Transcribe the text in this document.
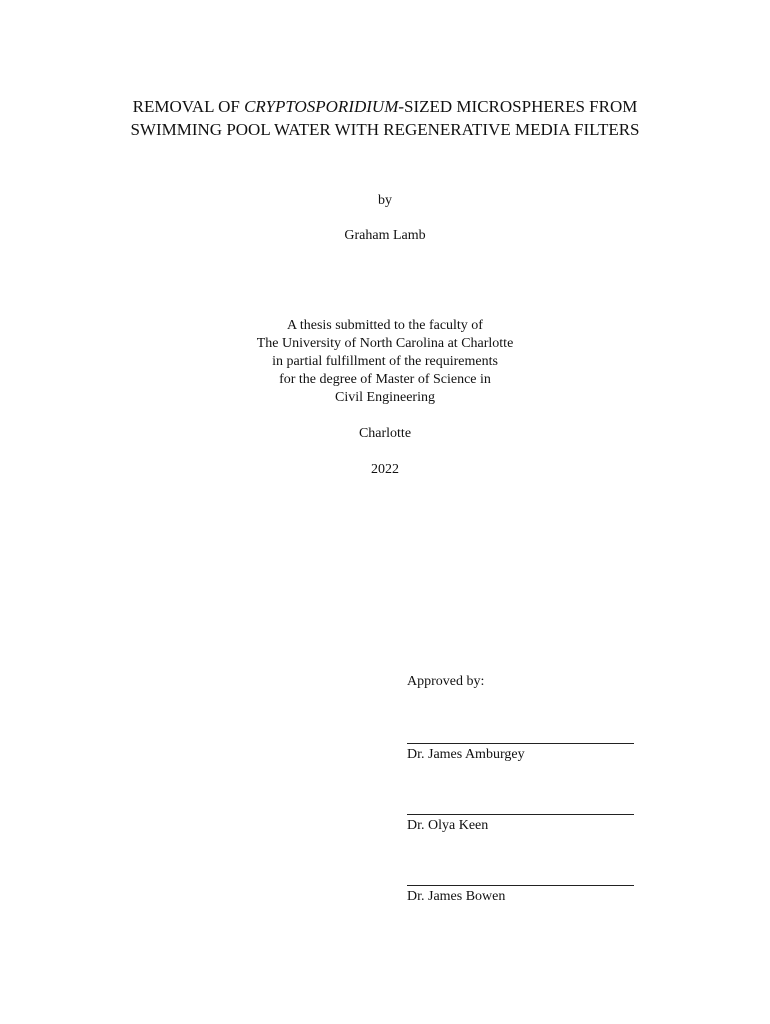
REMOVAL OF CRYPTOSPORIDIUM-SIZED MICROSPHERES FROM
SWIMMING POOL WATER WITH REGENERATIVE MEDIA FILTERS
by
Graham Lamb
A thesis submitted to the faculty of
The University of North Carolina at Charlotte
in partial fulfillment of the requirements
for the degree of Master of Science in
Civil Engineering
Charlotte
2022
Approved by:
Dr. James Amburgey
Dr. Olya Keen
Dr. James Bowen
